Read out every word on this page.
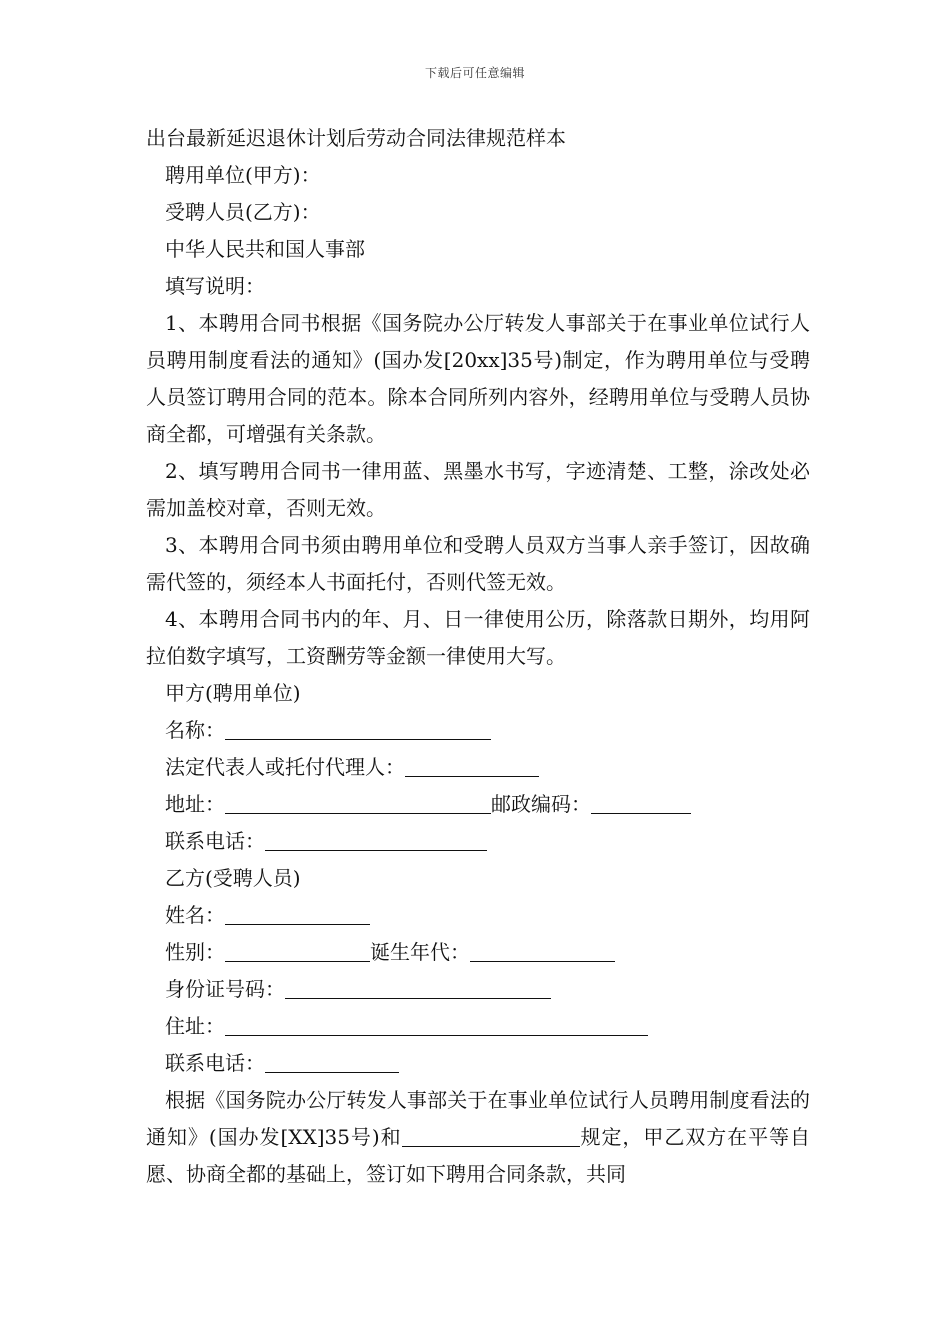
下载后可任意编辑

出台最新延迟退休计划后劳动合同法律规范样本

聘用单位(甲方)：

受聘人员(乙方)：

中华人民共和国人事部

填写说明：

1、本聘用合同书根据《国务院办公厅转发人事部关于在事业单位试行人员聘用制度看法的通知》(国办发[20xx]35号)制定，作为聘用单位与受聘人员签订聘用合同的范本。除本合同所列内容外，经聘用单位与受聘人员协商全都，可增强有关条款。

2、填写聘用合同书一律用蓝、黑墨水书写，字迹清楚、工整，涂改处必需加盖校对章，否则无效。

3、本聘用合同书须由聘用单位和受聘人员双方当事人亲手签订，因故确需代签的，须经本人书面托付，否则代签无效。

4、本聘用合同书内的年、月、日一律使用公历，除落款日期外，均用阿拉伯数字填写，工资酬劳等金额一律使用大写。

甲方(聘用单位)

名称：

法定代表人或托付代理人：

地址：	邮政编码：

联系电话：

乙方(受聘人员)

姓名：

性别：	诞生年代：

身份证号码：

住址：

联系电话：

根据《国务院办公厅转发人事部关于在事业单位试行人员聘用制度看法的通知》(国办发[XX]35号)和	规定，甲乙双方在平等自愿、协商全都的基础上，签订如下聘用合同条款，共同
